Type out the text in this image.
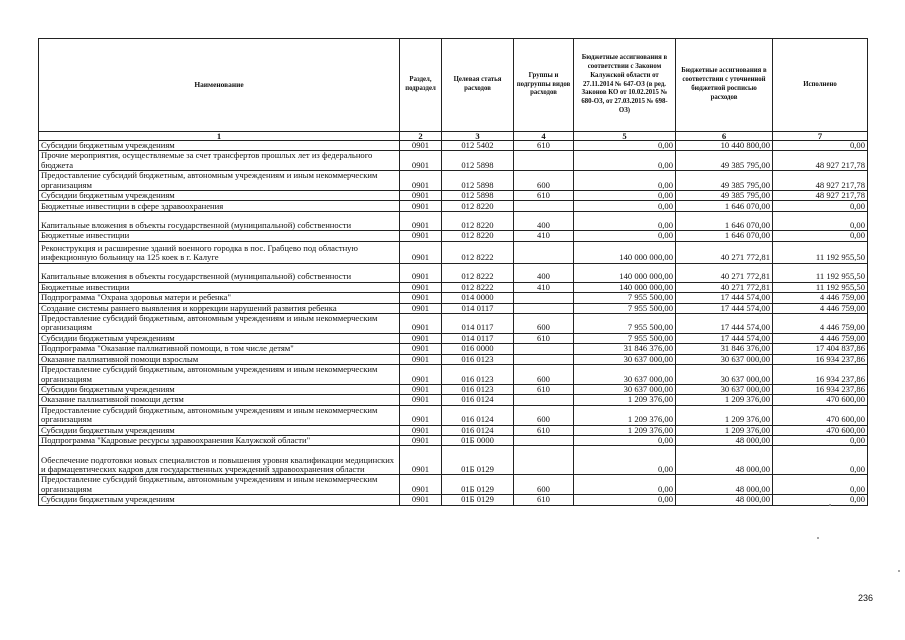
Наименование	Раздел, подраздел	Целевая статья расходов	Группы и подгруппы видов расходов	Бюджетные ассигнования в соответствии с Законом Калужской области от 27.11.2014 № 647-ОЗ (в ред. Законов КО от 10.02.2015 № 680-ОЗ, от 27.03.2015 № 698-ОЗ)	Бюджетные ассигнования в соответствии с уточненной бюджетной росписью расходов	Исполнено
1	2	3	4	5	6	7
Субсидии бюджетным учреждениям	0901	012 5402	610	0,00	10 440 800,00	0,00
Прочие мероприятия, осуществляемые за счет трансфертов прошлых лет из федерального бюджета	0901	012 5898		0,00	49 385 795,00	48 927 217,78
Предоставление субсидий бюджетным, автономным учреждениям и иным некоммерческим организациям	0901	012 5898	600	0,00	49 385 795,00	48 927 217,78
Субсидии бюджетным учреждениям	0901	012 5898	610	0,00	49 385 795,00	48 927 217,78
Бюджетные инвестиции в сфере здравоохранения	0901	012 8220		0,00	1 646 070,00	0,00
Капитальные вложения в объекты государственной (муниципальной) собственности	0901	012 8220	400	0,00	1 646 070,00	0,00
Бюджетные инвестиции	0901	012 8220	410	0,00	1 646 070,00	0,00
Реконструкция и расширение зданий военного городка в пос. Грабцево под областную инфекционную больницу на 125 коек в г. Калуге	0901	012 8222		140 000 000,00	40 271 772,81	11 192 955,50
Капитальные вложения в объекты государственной (муниципальной) собственности	0901	012 8222	400	140 000 000,00	40 271 772,81	11 192 955,50
Бюджетные инвестиции	0901	012 8222	410	140 000 000,00	40 271 772,81	11 192 955,50
Подпрограмма "Охрана здоровья матери и ребенка"	0901	014 0000		7 955 500,00	17 444 574,00	4 446 759,00
Создание системы раннего выявления и коррекции нарушений развития ребенка	0901	014 0117		7 955 500,00	17 444 574,00	4 446 759,00
Предоставление субсидий бюджетным, автономным учреждениям и иным некоммерческим организациям	0901	014 0117	600	7 955 500,00	17 444 574,00	4 446 759,00
Субсидии бюджетным учреждениям	0901	014 0117	610	7 955 500,00	17 444 574,00	4 446 759,00
Подпрограмма "Оказание паллиативной помощи, в том числе детям"	0901	016 0000		31 846 376,00	31 846 376,00	17 404 837,86
Оказание паллиативной помощи взрослым	0901	016 0123		30 637 000,00	30 637 000,00	16 934 237,86
Предоставление субсидий бюджетным, автономным учреждениям и иным некоммерческим организациям	0901	016 0123	600	30 637 000,00	30 637 000,00	16 934 237,86
Субсидии бюджетным учреждениям	0901	016 0123	610	30 637 000,00	30 637 000,00	16 934 237,86
Оказание паллиативной помощи детям	0901	016 0124		1 209 376,00	1 209 376,00	470 600,00
Предоставление субсидий бюджетным, автономным учреждениям и иным некоммерческим организациям	0901	016 0124	600	1 209 376,00	1 209 376,00	470 600,00
Субсидии бюджетным учреждениям	0901	016 0124	610	1 209 376,00	1 209 376,00	470 600,00
Подпрограмма "Кадровые ресурсы здравоохранения Калужской области"	0901	01Б 0000		0,00	48 000,00	0,00
Обеспечение подготовки новых специалистов и повышения уровня квалификации медицинских и фармацевтических кадров для государственных учреждений здравоохранения области	0901	01Б 0129		0,00	48 000,00	0,00
Предоставление субсидий бюджетным, автономным учреждениям и иным некоммерческим организациям	0901	01Б 0129	600	0,00	48 000,00	0,00
Субсидии бюджетным учреждениям	0901	01Б 0129	610	0,00	48 000,00	0,00
236
